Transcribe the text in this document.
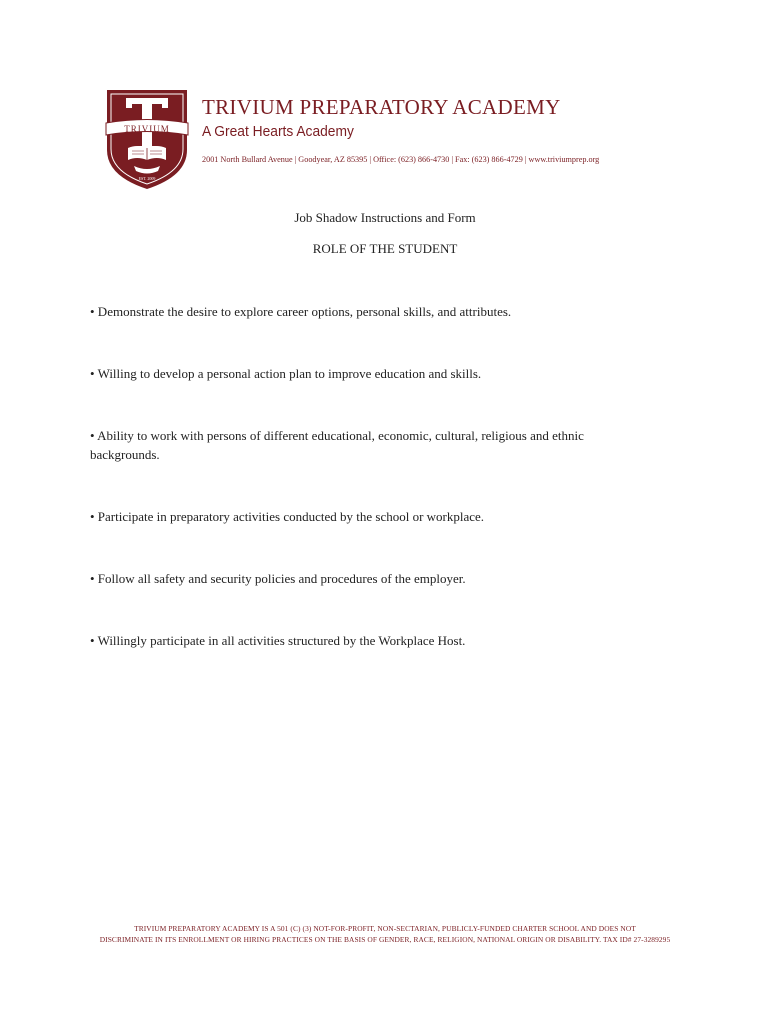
TRIVIUM
EST. 2009
TRIVIUM PREPARATORY ACADEMY
A Great Hearts Academy
2001 North Bullard Avenue | Goodyear, AZ 85395 | Office: (623) 866-4730 | Fax: (623) 866-4729 | www.triviumprep.org
Job Shadow Instructions and Form
ROLE OF THE STUDENT
• Demonstrate the desire to explore career options, personal skills, and attributes.
• Willing to develop a personal action plan to improve education and skills.
• Ability to work with persons of different educational, economic, cultural, religious and ethnic backgrounds.
• Participate in preparatory activities conducted by the school or workplace.
• Follow all safety and security policies and procedures of the employer.
• Willingly participate in all activities structured by the Workplace Host.
TRIVIUM PREPARATORY ACADEMY IS A 501 (C) (3) NOT-FOR-PROFIT, NON-SECTARIAN, PUBLICLY-FUNDED CHARTER SCHOOL AND DOES NOT
DISCRIMINATE IN ITS ENROLLMENT OR HIRING PRACTICES ON THE BASIS OF GENDER, RACE, RELIGION, NATIONAL ORIGIN OR DISABILITY. TAX ID# 27-3289295
